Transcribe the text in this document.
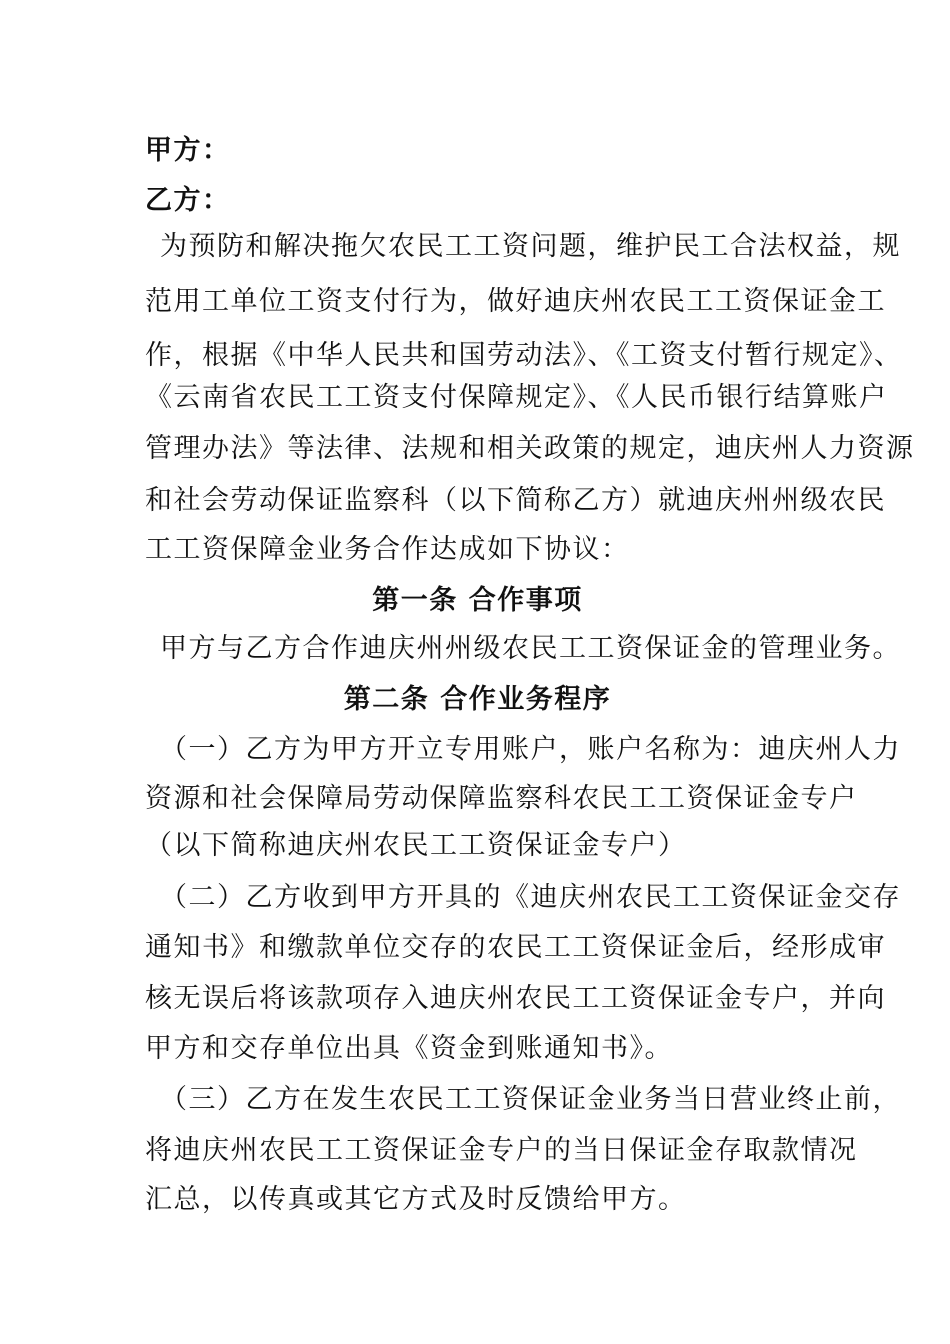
甲方：
乙方：
为预防和解决拖欠农民工工资问题，维护民工合法权益，规
范用工单位工资支付行为，做好迪庆州农民工工资保证金工
作，根据《中华人民共和国劳动法》、《工资支付暂行规定》、
《云南省农民工工资支付保障规定》、《人民币银行结算账户
管理办法》等法律、法规和相关政策的规定，迪庆州人力资源
和社会劳动保证监察科（以下简称乙方）就迪庆州州级农民
工工资保障金业务合作达成如下协议：
第一条 合作事项
甲方与乙方合作迪庆州州级农民工工资保证金的管理业务。
第二条 合作业务程序
（一）乙方为甲方开立专用账户，账户名称为：迪庆州人力
资源和社会保障局劳动保障监察科农民工工资保证金专户
（以下简称迪庆州农民工工资保证金专户）
（二）乙方收到甲方开具的《迪庆州农民工工资保证金交存
通知书》和缴款单位交存的农民工工资保证金后，经形成审
核无误后将该款项存入迪庆州农民工工资保证金专户，并向
甲方和交存单位出具《资金到账通知书》。
（三）乙方在发生农民工工资保证金业务当日营业终止前，
将迪庆州农民工工资保证金专户的当日保证金存取款情况
汇总，以传真或其它方式及时反馈给甲方。
